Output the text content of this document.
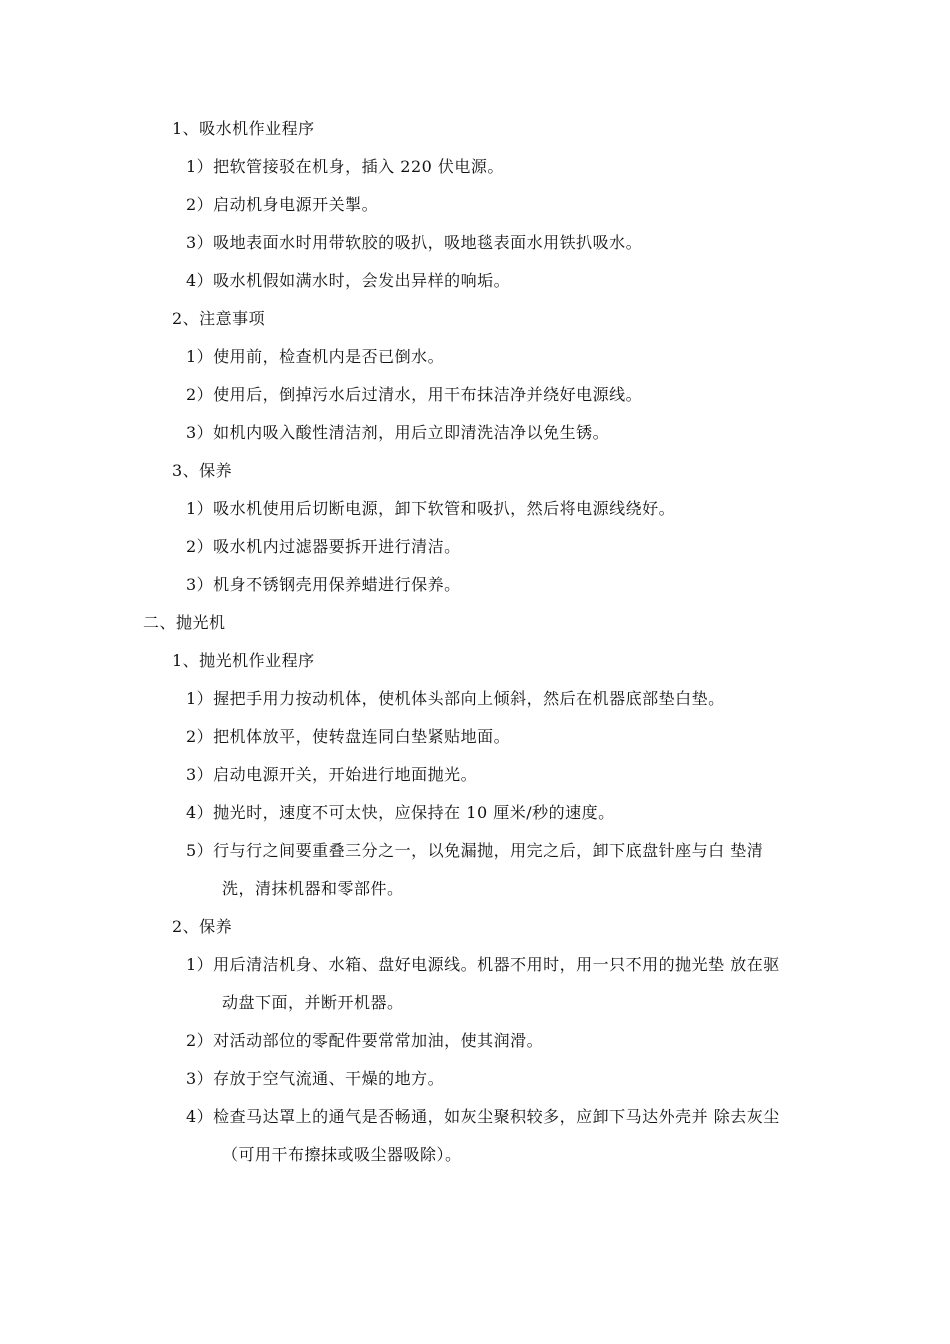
1、吸水机作业程序
1）把软管接驳在机身，插入 220 伏电源。
2）启动机身电源开关掣。
3）吸地表面水时用带软胶的吸扒，吸地毯表面水用铁扒吸水。
4）吸水机假如满水时，会发出异样的响垢。
2、注意事项
1）使用前，检查机内是否已倒水。
2）使用后，倒掉污水后过清水，用干布抹洁净并绕好电源线。
3）如机内吸入酸性清洁剂，用后立即清洗洁净以免生锈。
3、保养
1）吸水机使用后切断电源，卸下软管和吸扒，然后将电源线绕好。
2）吸水机内过滤器要拆开进行清洁。
3）机身不锈钢壳用保养蜡进行保养。
二、抛光机
1、抛光机作业程序
1）握把手用力按动机体，使机体头部向上倾斜，然后在机器底部垫白垫。
2）把机体放平，使转盘连同白垫紧贴地面。
3）启动电源开关，开始进行地面抛光。
4）抛光时，速度不可太快，应保持在 10 厘米/秒的速度。
5）行与行之间要重叠三分之一，以免漏抛，用完之后，卸下底盘针座与白 垫清
洗，清抹机器和零部件。
2、保养
1）用后清洁机身、水箱、盘好电源线。机器不用时，用一只不用的抛光垫 放在驱
动盘下面，并断开机器。
2）对活动部位的零配件要常常加油，使其润滑。
3）存放于空气流通、干燥的地方。
4）检查马达罩上的通气是否畅通，如灰尘聚积较多，应卸下马达外壳并 除去灰尘
（可用干布擦抹或吸尘器吸除）。
